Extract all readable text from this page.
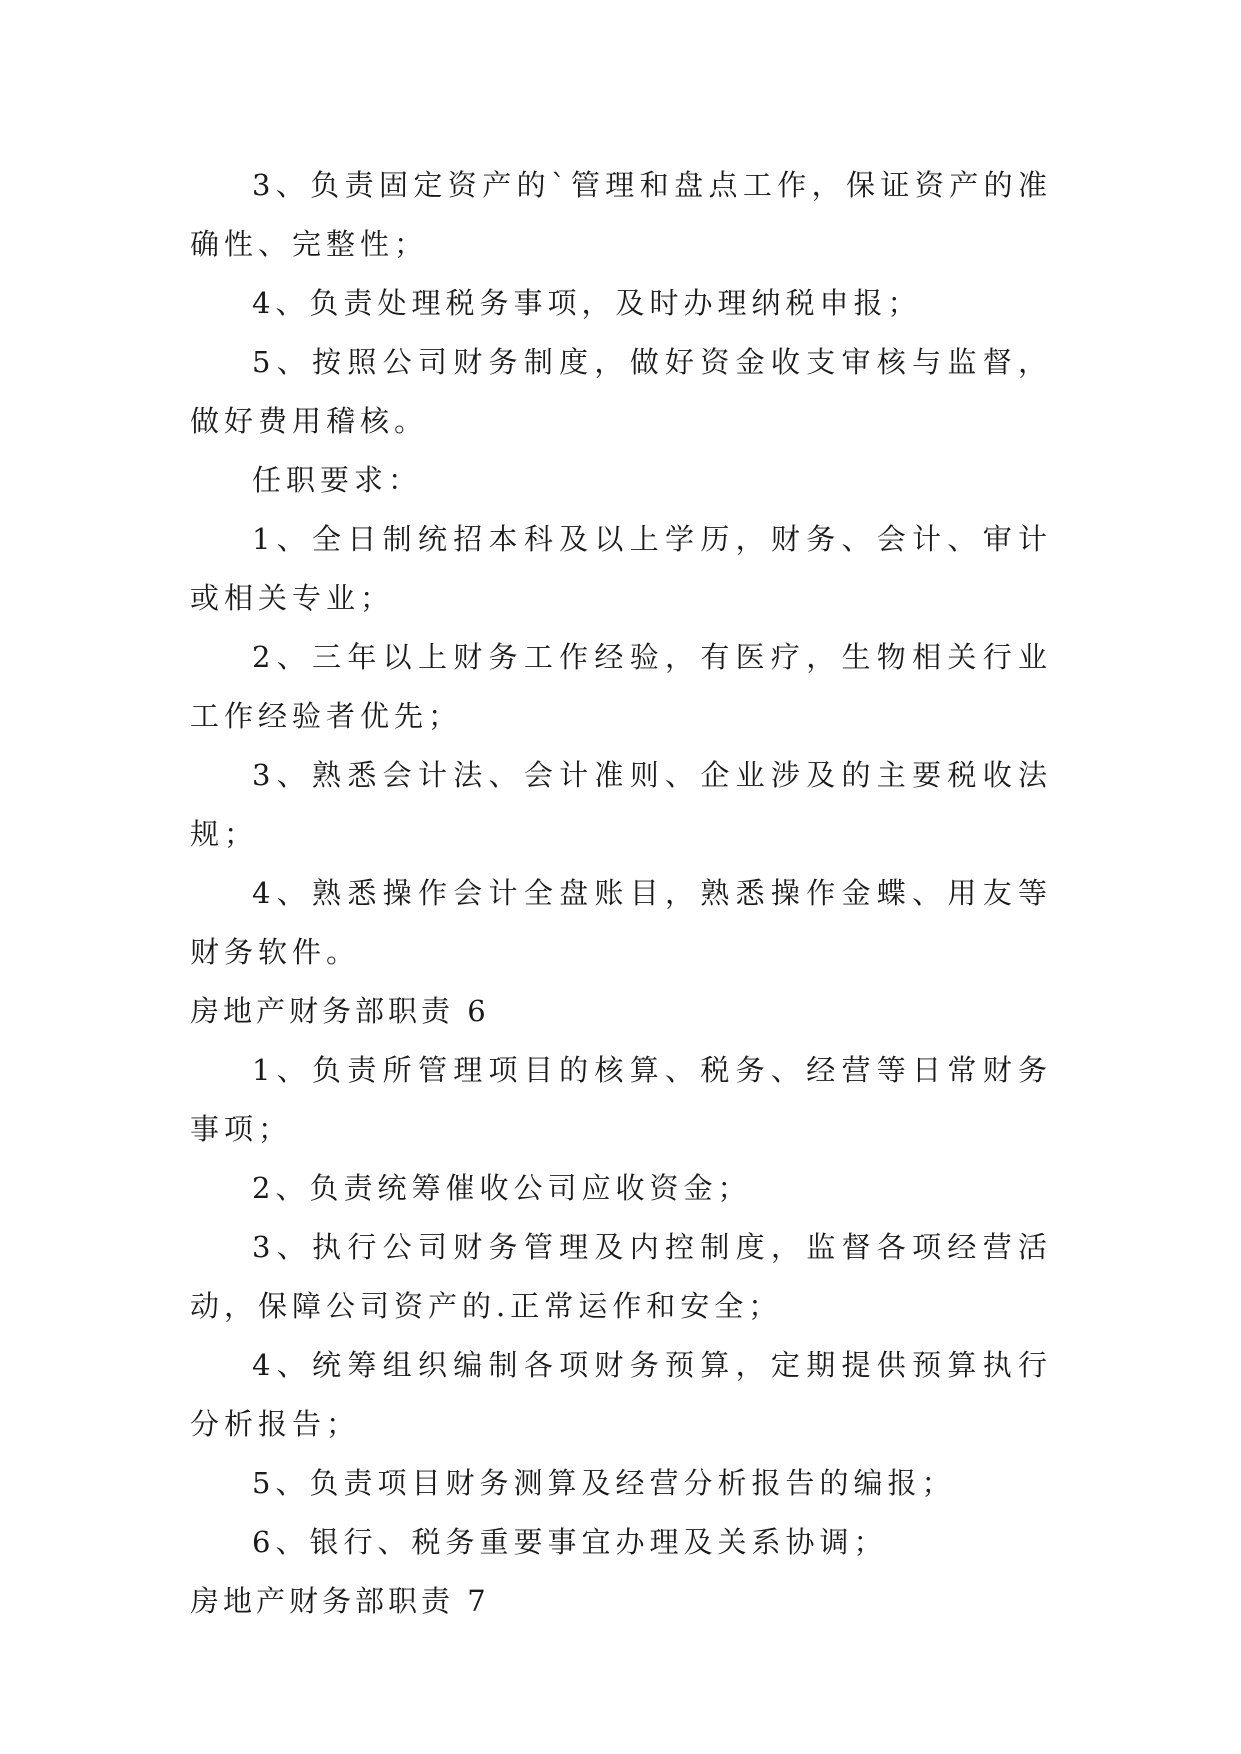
3、负责固定资产的`管理和盘点工作，保证资产的准确性、完整性；

4、负责处理税务事项，及时办理纳税申报；

5、按照公司财务制度，做好资金收支审核与监督，做好费用稽核。

任职要求：

1、全日制统招本科及以上学历，财务、会计、审计或相关专业；

2、三年以上财务工作经验，有医疗，生物相关行业工作经验者优先；

3、熟悉会计法、会计准则、企业涉及的主要税收法规；

4、熟悉操作会计全盘账目，熟悉操作金蝶、用友等财务软件。

房地产财务部职责 6

1、负责所管理项目的核算、税务、经营等日常财务事项；

2、负责统筹催收公司应收资金；

3、执行公司财务管理及内控制度，监督各项经营活动，保障公司资产的.正常运作和安全；

4、统筹组织编制各项财务预算，定期提供预算执行分析报告；

5、负责项目财务测算及经营分析报告的编报；

6、银行、税务重要事宜办理及关系协调；

房地产财务部职责 7
